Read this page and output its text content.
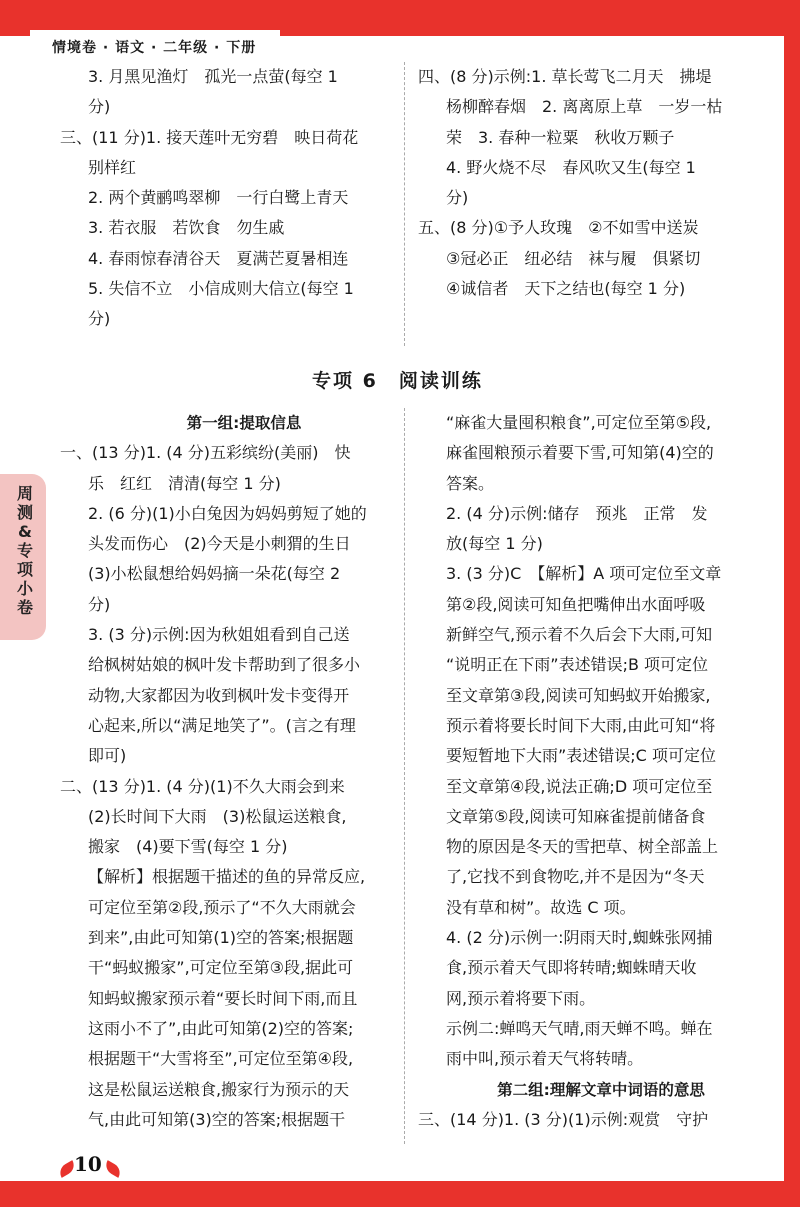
情境卷 · 语文 · 二年级 · 下册
周测&专项小卷

3. 月黑见渔灯　孤光一点萤(每空 1

分)

三、(11 分)1. 接天莲叶无穷碧　映日荷花

别样红

2. 两个黄鹂鸣翠柳　一行白鹭上青天

3. 若衣服　若饮食　勿生戚

4. 春雨惊春清谷天　夏满芒夏暑相连

5. 失信不立　小信成则大信立(每空 1

分)

四、(8 分)示例:1. 草长莺飞二月天　拂堤

杨柳醉春烟　2. 离离原上草　一岁一枯

荣　3. 春种一粒粟　秋收万颗子

4. 野火烧不尽　春风吹又生(每空 1

分)

五、(8 分)①予人玫瑰　②不如雪中送炭

③冠必正　纽必结　袜与履　俱紧切

④诚信者　天下之结也(每空 1 分)

专项 6　阅读训练

第一组:提取信息

一、(13 分)1. (4 分)五彩缤纷(美丽)　快

乐　红红　清清(每空 1 分)

2. (6 分)(1)小白兔因为妈妈剪短了她的

头发而伤心　(2)今天是小刺猬的生日

(3)小松鼠想给妈妈摘一朵花(每空 2

分)

3. (3 分)示例:因为秋姐姐看到自己送

给枫树姑娘的枫叶发卡帮助到了很多小

动物,大家都因为收到枫叶发卡变得开

心起来,所以“满足地笑了”。(言之有理

即可)

二、(13 分)1. (4 分)(1)不久大雨会到来

(2)长时间下大雨　(3)松鼠运送粮食,

搬家　(4)要下雪(每空 1 分)

【解析】根据题干描述的鱼的异常反应,

可定位至第②段,预示了“不久大雨就会

到来”,由此可知第(1)空的答案;根据题

干“蚂蚁搬家”,可定位至第③段,据此可

知蚂蚁搬家预示着“要长时间下雨,而且

这雨小不了”,由此可知第(2)空的答案;

根据题干“大雪将至”,可定位至第④段,

这是松鼠运送粮食,搬家行为预示的天

气,由此可知第(3)空的答案;根据题干

“麻雀大量囤积粮食”,可定位至第⑤段,

麻雀囤粮预示着要下雪,可知第(4)空的

答案。

2. (4 分)示例:储存　预兆　正常　发

放(每空 1 分)

3. (3 分)C　【解析】A 项可定位至文章

第②段,阅读可知鱼把嘴伸出水面呼吸

新鲜空气,预示着不久后会下大雨,可知

“说明正在下雨”表述错误;B 项可定位

至文章第③段,阅读可知蚂蚁开始搬家,

预示着将要长时间下大雨,由此可知“将

要短暂地下大雨”表述错误;C 项可定位

至文章第④段,说法正确;D 项可定位至

文章第⑤段,阅读可知麻雀提前储备食

物的原因是冬天的雪把草、树全部盖上

了,它找不到食物吃,并不是因为“冬天

没有草和树”。故选 C 项。

4. (2 分)示例一:阴雨天时,蜘蛛张网捕

食,预示着天气即将转晴;蜘蛛晴天收

网,预示着将要下雨。

示例二:蝉鸣天气晴,雨天蝉不鸣。蝉在

雨中叫,预示着天气将转晴。

第二组:理解文章中词语的意思

三、(14 分)1. (3 分)(1)示例:观赏　守护

10
